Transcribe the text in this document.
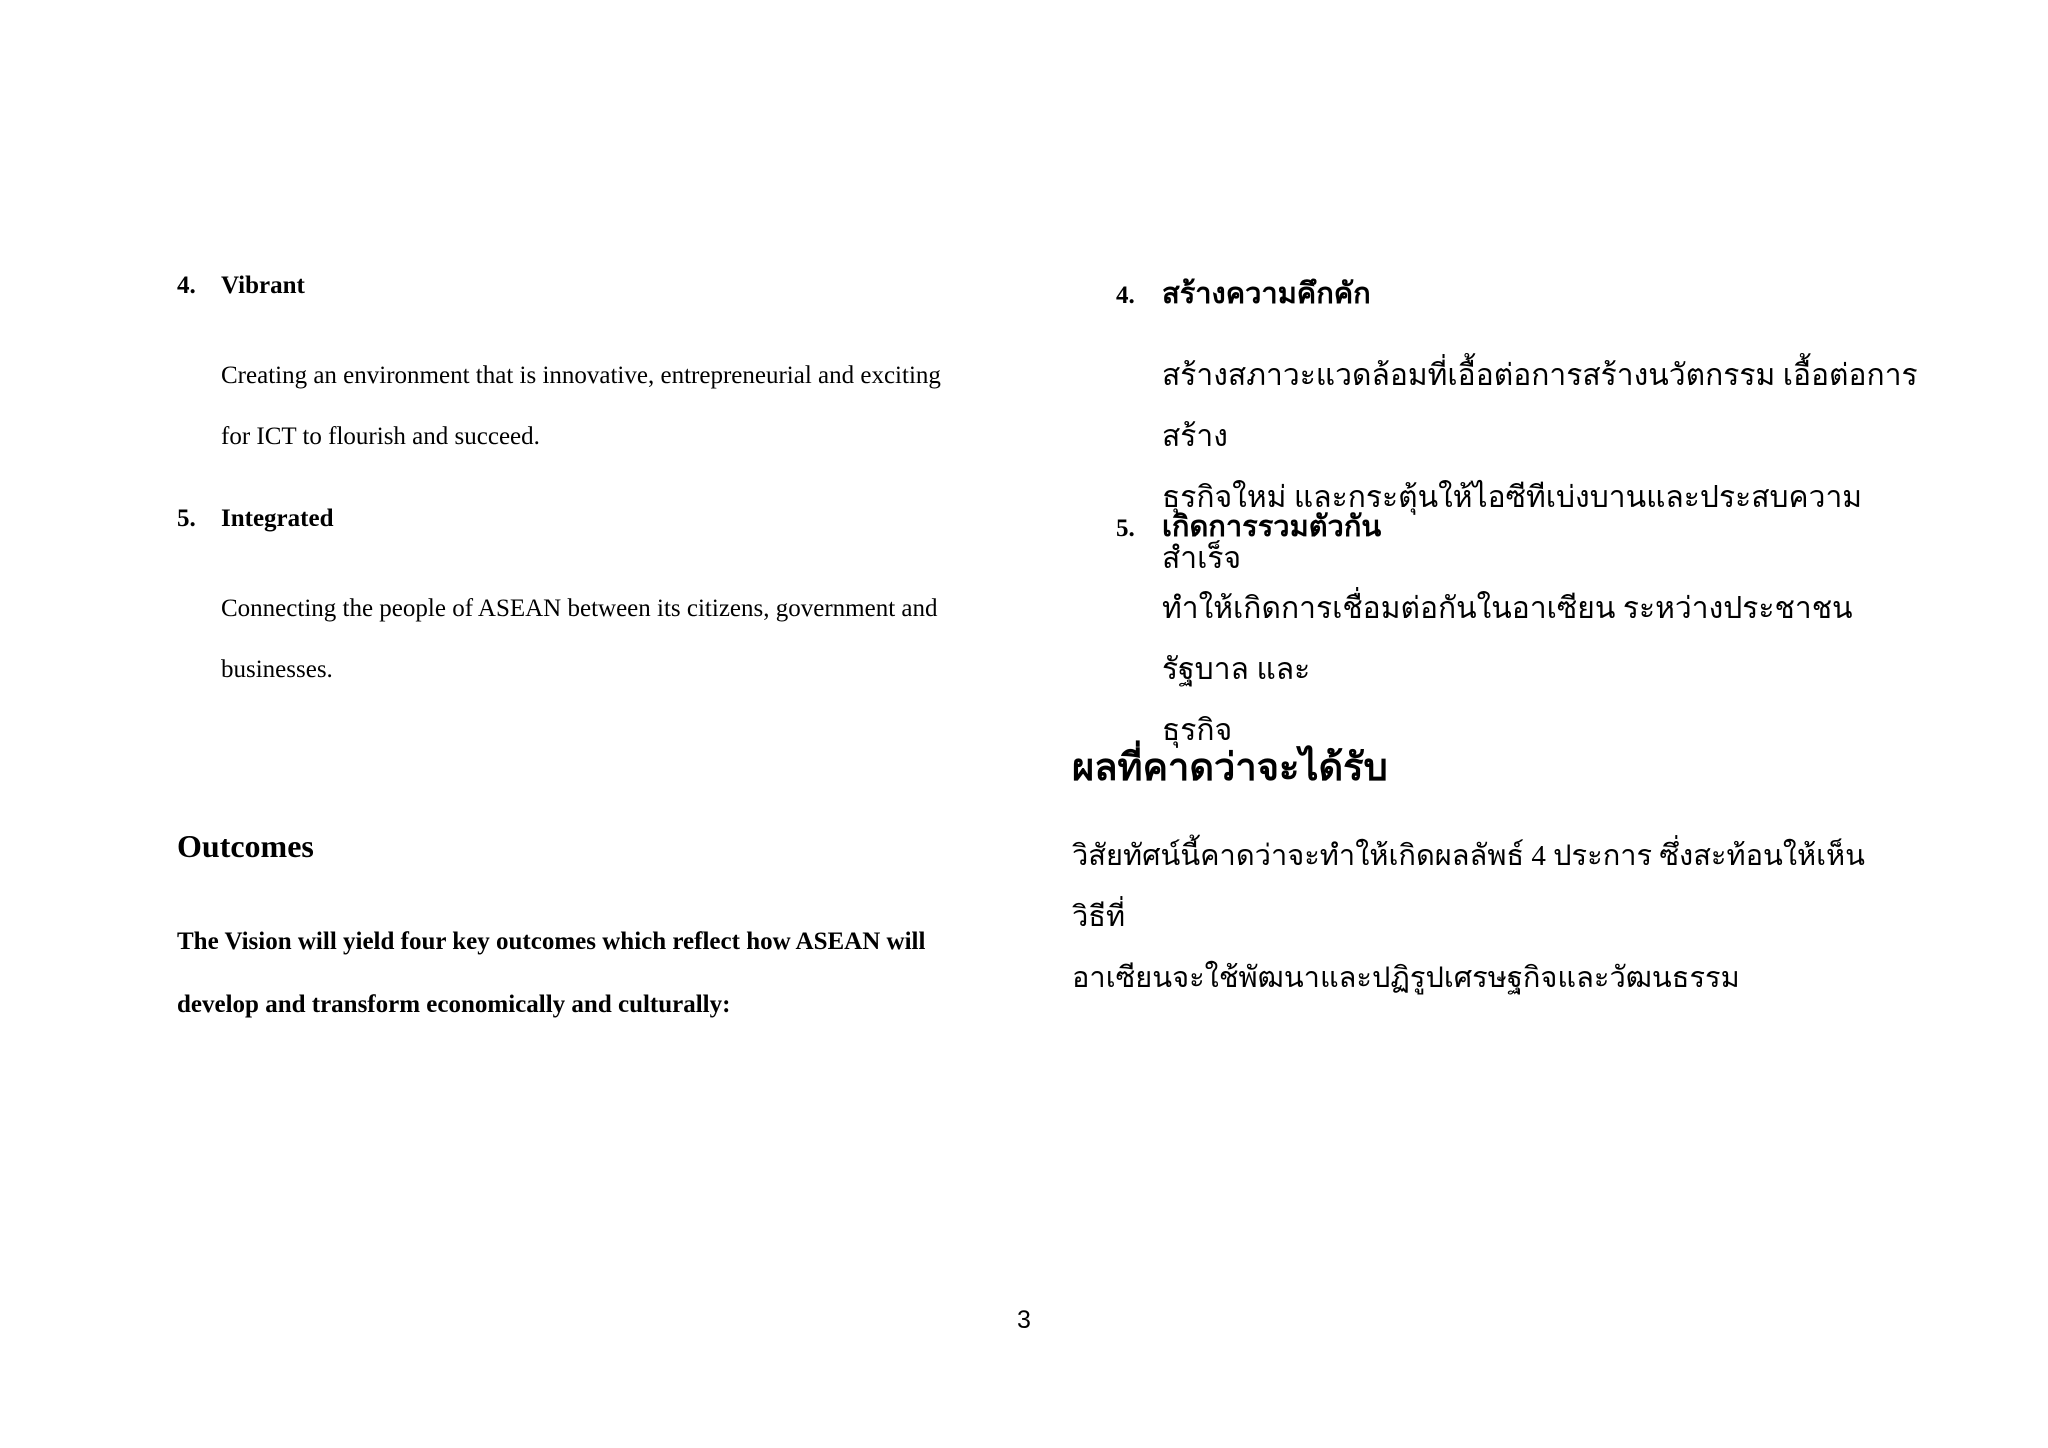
4. Vibrant
Creating an environment that is innovative, entrepreneurial and exciting
for ICT to flourish and succeed.
5. Integrated
Connecting the people of ASEAN between its citizens, government and
businesses.
Outcomes
The Vision will yield four key outcomes which reflect how ASEAN will
develop and transform economically and culturally:
4. สร้างความคึกคัก
สร้างสภาวะแวดล้อมที่เอื้อต่อการสร้างนวัตกรรม เอื้อต่อการสร้าง
ธุรกิจใหม่ และกระตุ้นให้ไอซีทีเบ่งบานและประสบความสำเร็จ
5. เกิดการรวมตัวกัน
ทำให้เกิดการเชื่อมต่อกันในอาเซียน ระหว่างประชาชน รัฐบาล และ
ธุรกิจ
ผลที่คาดว่าจะได้รับ
วิสัยทัศน์นี้คาดว่าจะทำให้เกิดผลลัพธ์ 4 ประการ ซึ่งสะท้อนให้เห็นวิธีที่
อาเซียนจะใช้พัฒนาและปฏิรูปเศรษฐกิจและวัฒนธรรม
3
